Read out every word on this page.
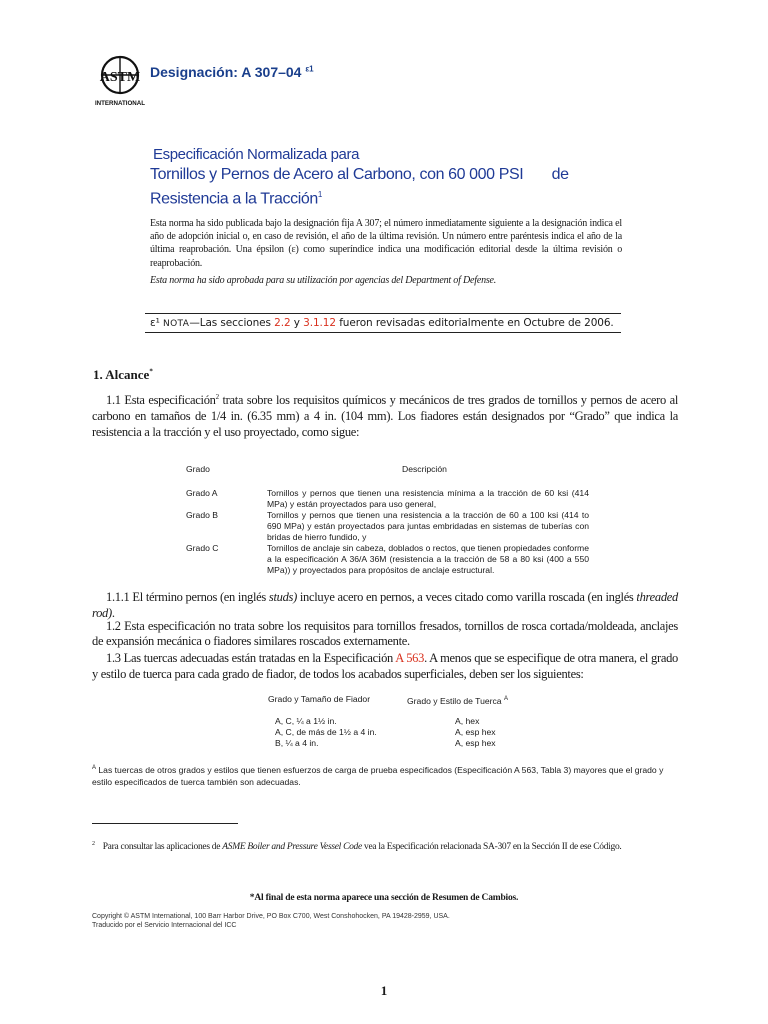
ASTM
INTERNATIONAL
Designación: A 307–04 $^{\varepsilon 1}$
Especificación Normalizada para
Tornillos y Pernos de Acero al Carbono, con 60 000 PSI       de
Resistencia a la Tracción$^1$
Esta norma ha sido publicada bajo la designación fija A 307; el número inmediatamente siguiente a la designación indica el año de adopción inicial o, en caso de revisión, el año de la última revisión. Un número entre paréntesis indica el año de la última reaprobación. Una épsilon (ε) como superíndice indica una modificación editorial desde la última revisión o reaprobación.
Esta norma ha sido aprobada para su utilización por agencias del Department of Defense.
ε¹ NOTA—Las secciones 2.2 y 3.1.12 fueron revisadas editorialmente en Octubre de 2006.
1. Alcance*
1.1 Esta especificación$^2$ trata sobre los requisitos químicos y mecánicos de tres grados de tornillos y pernos de acero al carbono en tamaños de 1/4 in. (6.35 mm) a 4 in. (104 mm). Los fiadores están designados por “Grado” que indica la resistencia a la tracción y el uso proyectado, como sigue:
Grado	Descripción
Grado A	Tornillos y pernos que tienen una resistencia mínima a la tracción de 60 ksi (414 MPa) y están proyectados para uso general,
Grado B	Tornillos y pernos que tienen una resistencia a la tracción de 60 a 100 ksi (414 to 690 MPa) y están proyectados para juntas embridadas en sistemas de tuberías con bridas de hierro fundido, y
Grado C	Tornillos de anclaje sin cabeza, doblados o rectos, que tienen propiedades conforme a la especificación A 36/A 36M (resistencia a la tracción de 58 a 80 ksi (400 a 550 MPa)) y proyectados para propósitos de anclaje estructural.
1.1.1 El término pernos (en inglés studs) incluye acero en pernos, a veces citado como varilla roscada (en inglés threaded rod).
1.2 Esta especificación no trata sobre los requisitos para tornillos fresados, tornillos de rosca cortada/moldeada, anclajes de expansión mecánica o fiadores similares roscados externamente.
1.3 Las tuercas adecuadas están tratadas en la Especificación A 563. A menos que se especifique de otra manera, el grado y estilo de tuerca para cada grado de fiador, de todos los acabados superficiales, deben ser los siguientes:
Grado y Tamaño de Fiador	Grado y Estilo de Tuerca $^A$
A, C, ¼ a 1½ in.	A, hex
A, C, de más de 1½ a 4 in.	A, esp hex
B, ¼ a 4 in.	A, esp hex
$^A$ Las tuercas de otros grados y estilos que tienen esfuerzos de carga de prueba especificados (Especificación A 563, Tabla 3) mayores que el grado y estilo especificados de tuerca también son adecuadas.
$^2$ Para consultar las aplicaciones de ASME Boiler and Pressure Vessel Code vea la Especificación relacionada SA-307 en la Sección II de ese Código.
*Al final de esta norma aparece una sección de Resumen de Cambios.
Copyright © ASTM International, 100 Barr Harbor Drive, PO Box C700, West Conshohocken, PA 19428-2959, USA.
Traducido por el Servicio Internacional del ICC
1
